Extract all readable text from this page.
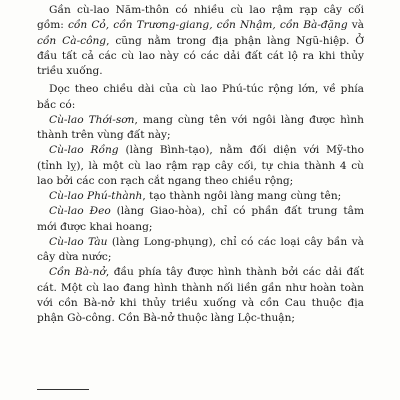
Gần cù-lao Năm-thôn có nhiều cù lao rậm rạp cây cối gồm: cồn Cỏ, cồn Trương-giang, cồn Nhậm, cồn Bà-đặng và cồn Cà-công, cũng nằm trong địa phận làng Ngũ-hiệp. Ở đầu tất cả các cù lao này có các dải đất cát lộ ra khi thủy triều xuống.

Dọc theo chiều dài của cù lao Phú-túc rộng lớn, về phía bắc có:

Cù-lao Thới-sơn, mang cùng tên với ngôi làng được hình thành trên vùng đất này;

Cù-lao Rồng (làng Bình-tạo), nằm đối diện với Mỹ-tho (tỉnh lỵ), là một cù lao rậm rạp cây cối, tự chia thành 4 cù lao bởi các con rạch cắt ngang theo chiều rộng;

Cù-lao Phú-thành, tạo thành ngôi làng mang cùng tên;

Cù-lao Đeo (làng Giao-hòa), chỉ có phần đất trung tâm mới được khai hoang;

Cù-lao Tàu (làng Long-phụng), chỉ có các loại cây bần và cây dừa nước;

Cồn Bà-nở, đầu phía tây được hình thành bởi các dải đất cát. Một cù lao đang hình thành nối liền gần như hoàn toàn với cồn Bà-nở khi thủy triều xuống và cồn Cau thuộc địa phận Gò-công. Cồn Bà-nở thuộc làng Lộc-thuận;
